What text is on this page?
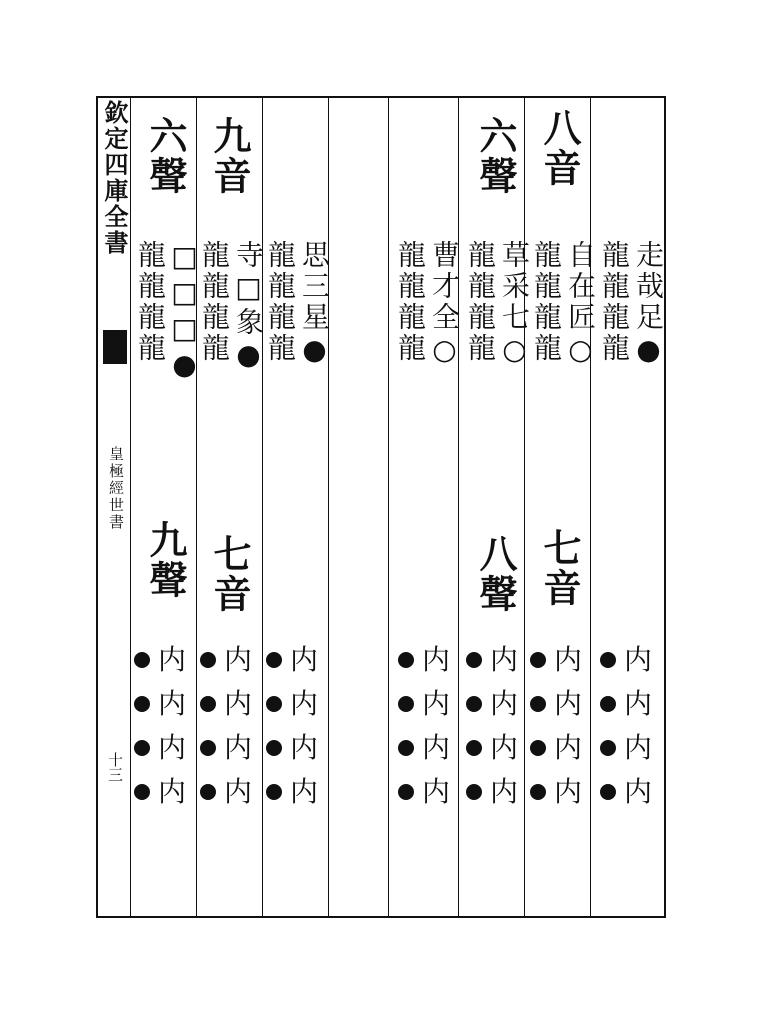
欽定四庫全書
皇極經世書
十三
八音

走哉足●

龍龍龍龍

七音
内
内
内
内
六聲

自在匠○

龍龍龍龍

八聲
内
内
内
内

草采七○

龍龍龍龍

内
内
内
内

曹才全○

龍龍龍龍

内
内
内
内

思三星●

龍龍龍龍

内
内
内
内
九音

寺□象●

龍龍龍龍

七音
内
内
内
内
六聲

□□□●

龍龍龍龍

九聲
内
内
内
内
